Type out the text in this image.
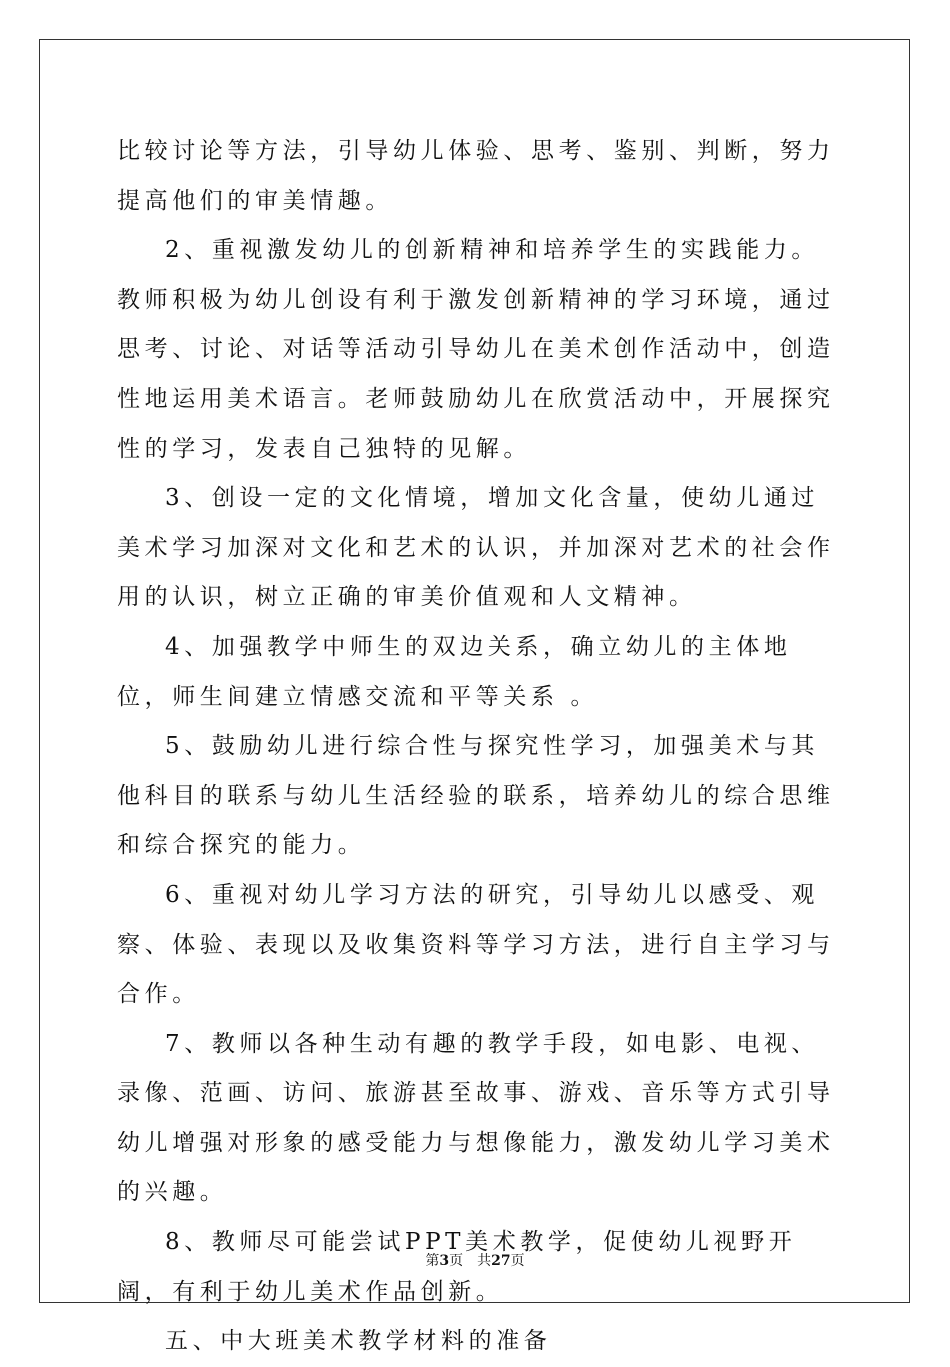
比较讨论等方法，引导幼儿体验、思考、鉴别、判断，努力提高他们的审美情趣。

2、重视激发幼儿的创新精神和培养学生的实践能力。教师积极为幼儿创设有利于激发创新精神的学习环境，通过思考、讨论、对话等活动引导幼儿在美术创作活动中，创造性地运用美术语言。老师鼓励幼儿在欣赏活动中，开展探究性的学习，发表自己独特的见解。

3、创设一定的文化情境，增加文化含量，使幼儿通过美术学习加深对文化和艺术的认识，并加深对艺术的社会作用的认识，树立正确的审美价值观和人文精神。

4、加强教学中师生的双边关系，确立幼儿的主体地位，师生间建立情感交流和平等关系 。

5、鼓励幼儿进行综合性与探究性学习，加强美术与其他科目的联系与幼儿生活经验的联系，培养幼儿的综合思维和综合探究的能力。

6、重视对幼儿学习方法的研究，引导幼儿以感受、观察、体验、表现以及收集资料等学习方法，进行自主学习与合作。

7、教师以各种生动有趣的教学手段，如电影、电视、录像、范画、访问、旅游甚至故事、游戏、音乐等方式引导幼儿增强对形象的感受能力与想像能力，激发幼儿学习美术的兴趣。

8、教师尽可能尝试PPT美术教学，促使幼儿视野开阔，有利于幼儿美术作品创新。

五、中大班美术教学材料的准备

第3页 共27页
